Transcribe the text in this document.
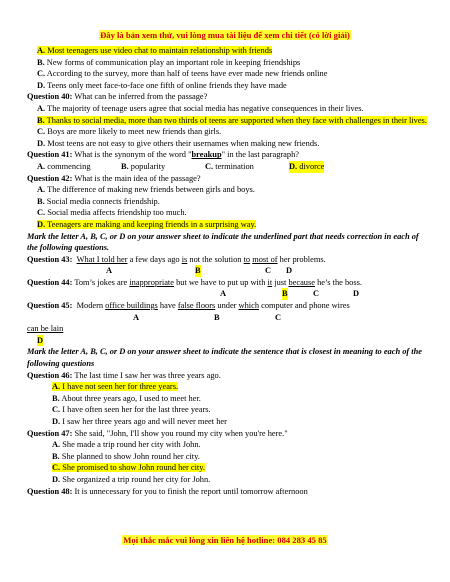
Đây là bản xem thử, vui lòng mua tài liệu để xem chi tiết (có lời giải)
A. Most teenagers use video chat to maintain relationship with friends
B. New forms of communication play an important role in keeping friendships
C. According to the survey, more than half of teens have ever made new friends online
D. Teens only meet face-to-face one fifth of online friends they have made
Question 40: What can be inferred from the passage?
A. The majority of teenage users agree that social media has negative consequences in their lives.
B. Thanks to social media, more than two thirds of teens are supported when they face with challenges in their lives.
C. Boys are more likely to meet new friends than girls.
D. Most teens are not easy to give others their usernames when making new friends.
Question 41: What is the synonym of the word "breakup" in the last paragraph?
A. commencing	B. popularity	C. termination	D. divorce
Question 42: What is the main idea of the passage?
A. The difference of making new friends between girls and boys.
B. Social media connects friendship.
C. Social media affects friendship too much.
D. Teenagers are making and keeping friends in a surprising way.
Mark the letter A, B, C, or D on your answer sheet to indicate the underlined part that needs correction in each of the following questions.
Question 43: What I told her a few days ago is not the solution to most of her problems.
A	B	C D
Question 44: Tom’s jokes are inappropriate but we have to put up with it just because he’s the boss.
A	B	C	D
Question 45: Modern office buildings have false floors under which computer and phone wires
A	B	C
can be lain
D
Mark the letter A, B, C, or D on your answer sheet to indicate the sentence that is closest in meaning to each of the following questions
Question 46: The last time I saw her was three years ago.
A. I have not seen her for three years.
B. About three years ago, I used to meet her.
C. I have often seen her for the last three years.
D. I saw her three years ago and will never meet her
Question 47: She said, "John, I'll show you round my city when you're here."
A. She made a trip round her city with John.
B. She planned to show John round her city.
C. She promised to show John round her city.
D. She organized a trip round her city for John.
Question 48: It is unnecessary for you to finish the report until tomorrow afternoon
Mọi thắc mắc vui lòng xin liên hệ hotline: 084 283 45 85
